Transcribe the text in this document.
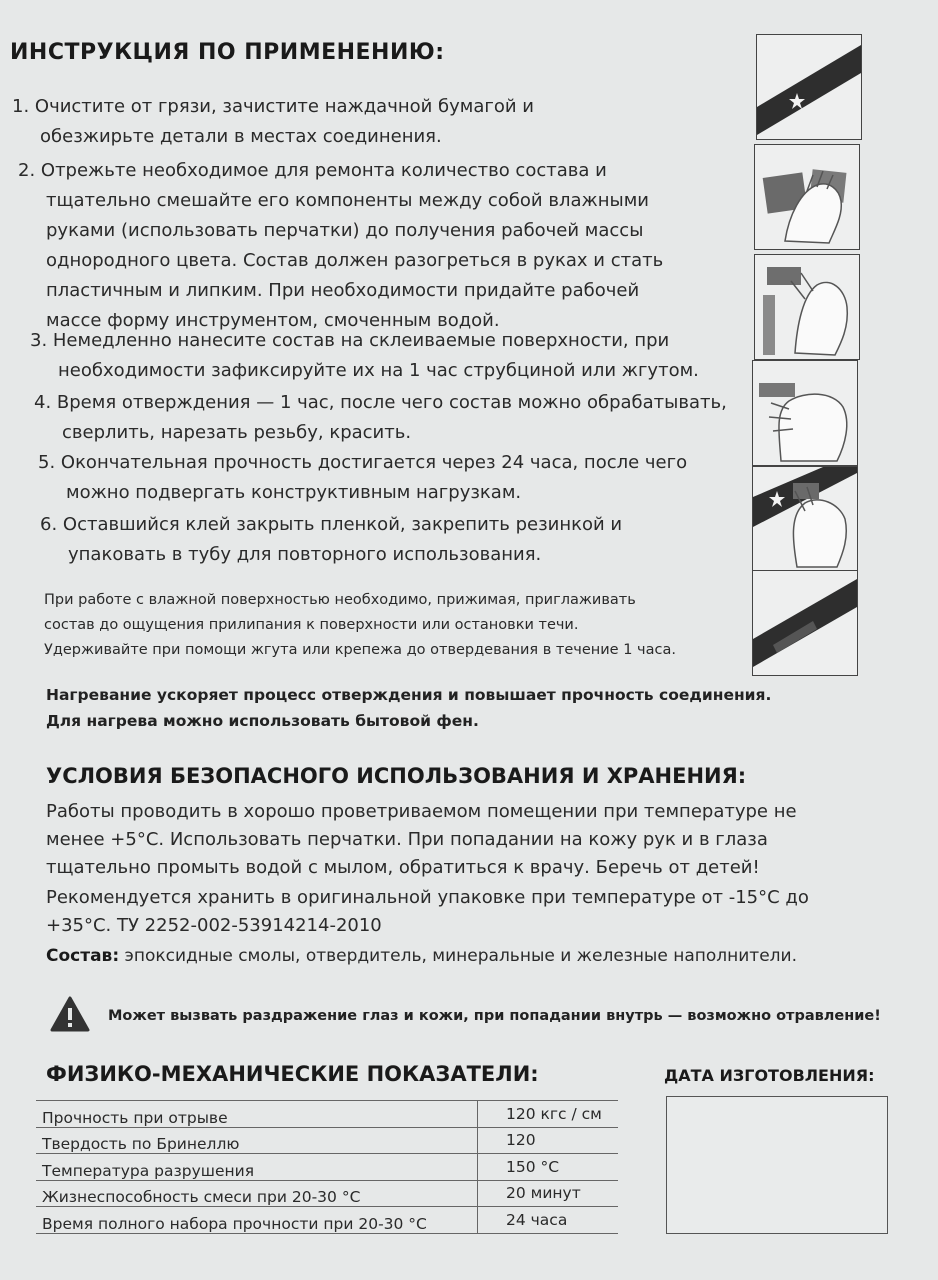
ИНСТРУКЦИЯ ПО ПРИМЕНЕНИЮ:
1. Очистите от грязи, зачистите наждачной бумагой и
обезжирьте детали в местах соединения.
2. Отрежьте необходимое для ремонта количество состава и
тщательно смешайте его компоненты между собой влажными
руками (использовать перчатки) до получения рабочей массы
однородного цвета. Состав должен разогреться в руках и стать
пластичным и липким. При необходимости придайте рабочей
массе форму инструментом, смоченным водой.
3. Немедленно нанесите состав на склеиваемые поверхности, при
необходимости зафиксируйте их на 1 час струбциной или жгутом.
4. Время отверждения — 1 час, после чего состав можно обрабатывать,
сверлить, нарезать резьбу, красить.
5. Окончательная прочность достигается через 24 часа, после чего
можно подвергать конструктивным нагрузкам.
6. Оставшийся клей закрыть пленкой, закрепить резинкой и
упаковать в тубу для повторного использования.
При работе с влажной поверхностью необходимо, прижимая, приглаживать
состав до ощущения прилипания к поверхности или остановки течи.
Удерживайте при помощи жгута или крепежа до отвердевания в течение 1 часа.
Нагревание ускоряет процесс отверждения и повышает прочность соединения.
Для нагрева можно использовать бытовой фен.
УСЛОВИЯ БЕЗОПАСНОГО ИСПОЛЬЗОВАНИЯ И ХРАНЕНИЯ:
Работы проводить в хорошо проветриваемом помещении при температуре не
менее +5°С. Использовать перчатки. При попадании на кожу рук и в глаза
тщательно промыть водой с мылом, обратиться к врачу. Беречь от детей!
Рекомендуется хранить в оригинальной упаковке при температуре от -15°С до
+35°С. ТУ 2252-002-53914214-2010
Состав: эпоксидные смолы, отвердитель, минеральные и железные наполнители.
Может вызвать раздражение глаз и кожи, при попадании внутрь — возможно отравление!
ФИЗИКО-МЕХАНИЧЕСКИЕ ПОКАЗАТЕЛИ:
Прочность при отрыве	120 кгс / см
Твердость по Бринеллю	120
Температура разрушения	150 °С
Жизнеспособность смеси при 20-30 °С	20 минут
Время полного набора прочности при 20-30 °С	24 часа
ДАТА ИЗГОТОВЛЕНИЯ:
